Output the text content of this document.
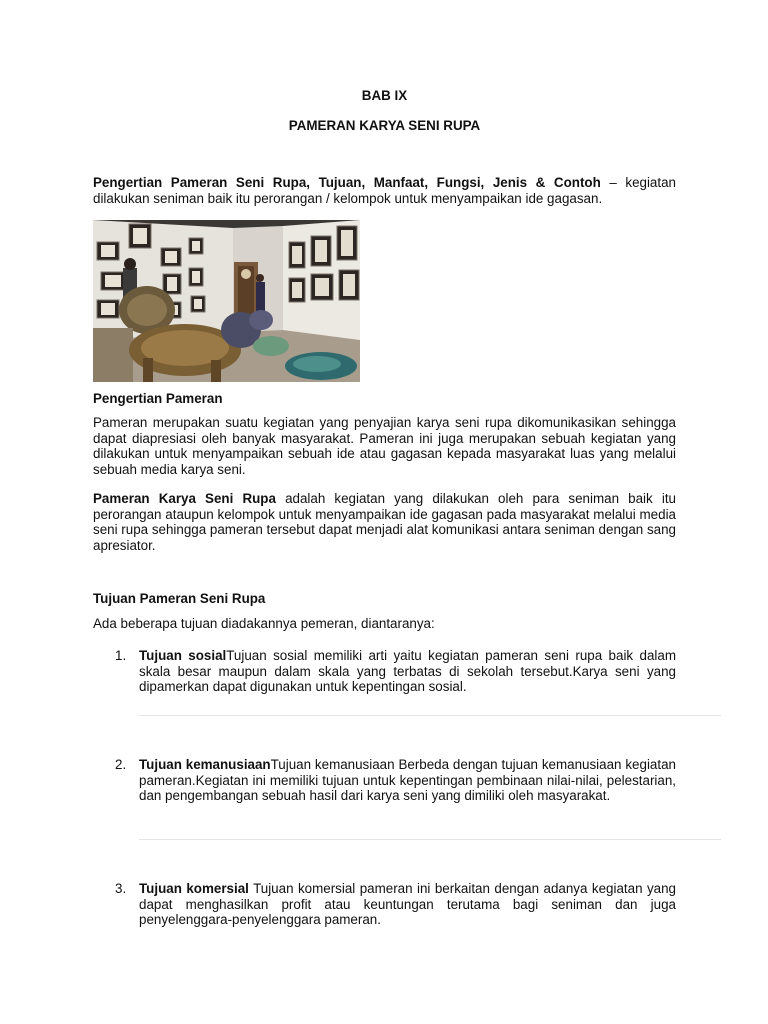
BAB IX
PAMERAN KARYA SENI RUPA
Pengertian Pameran Seni Rupa, Tujuan, Manfaat, Fungsi, Jenis & Contoh – kegiatan dilakukan seniman baik itu perorangan / kelompok untuk menyampaikan ide gagasan.
Pengertian Pameran
Pameran merupakan suatu kegiatan yang penyajian karya seni rupa dikomunikasikan sehingga dapat diapresiasi oleh banyak masyarakat. Pameran ini juga merupakan sebuah kegiatan yang dilakukan untuk menyampaikan sebuah ide atau gagasan kepada masyarakat luas yang melalui sebuah media karya seni.
Pameran Karya Seni Rupa adalah kegiatan yang dilakukan oleh para seniman baik itu perorangan ataupun kelompok untuk menyampaikan ide gagasan pada masyarakat melalui media seni rupa sehingga pameran tersebut dapat menjadi alat komunikasi antara seniman dengan sang apresiator.
Tujuan Pameran Seni Rupa
Ada beberapa tujuan diadakannya pemeran, diantaranya:
1. Tujuan sosialTujuan sosial memiliki arti yaitu kegiatan pameran seni rupa baik dalam skala besar maupun dalam skala yang terbatas di sekolah tersebut.Karya seni yang dipamerkan dapat digunakan untuk kepentingan sosial.
2. Tujuan kemanusiaanTujuan kemanusiaan Berbeda dengan tujuan kemanusiaan kegiatan pameran.Kegiatan ini memiliki tujuan untuk kepentingan pembinaan nilai-nilai, pelestarian, dan pengembangan sebuah hasil dari karya seni yang dimiliki oleh masyarakat.
3. Tujuan komersial Tujuan komersial pameran ini berkaitan dengan adanya kegiatan yang dapat menghasilkan profit atau keuntungan terutama bagi seniman dan juga penyelenggara-penyelenggara pameran.
